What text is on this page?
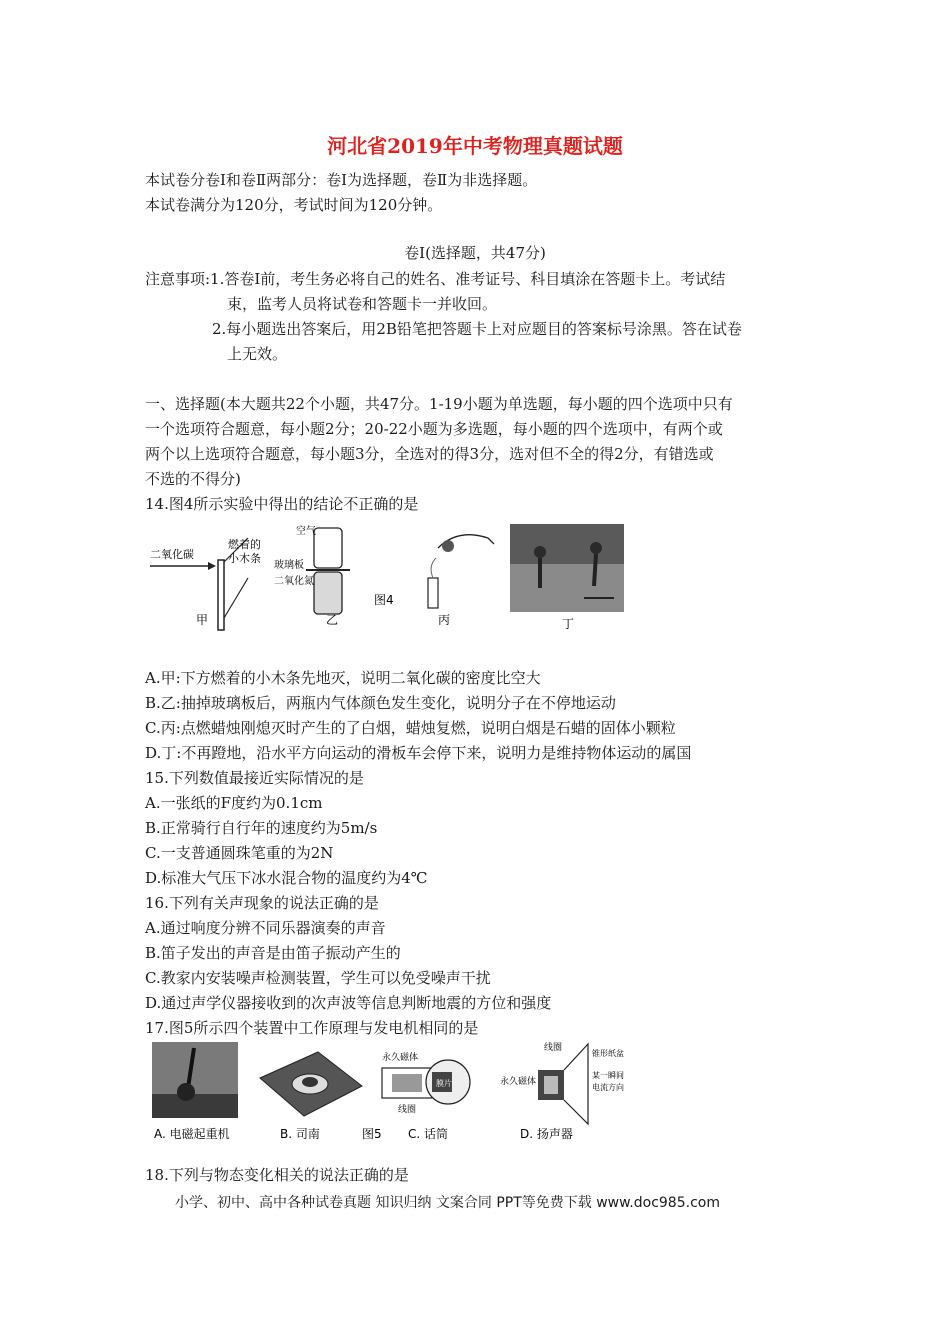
河北省2019年中考物理真题试题
本试卷分卷Ⅰ和卷Ⅱ两部分：卷Ⅰ为选择题，卷Ⅱ为非选择题。
本试卷满分为120分，考试时间为120分钟。
卷Ⅰ(选择题，共47分)
注意事项:1.答卷Ⅰ前，考生务必将自己的姓名、准考证号、科目填涂在答题卡上。考试结
束，监考人员将试卷和答题卡一并收回。
2.每小题选出答案后，用2B铅笔把答题卡上对应题目的答案标号涂黑。答在试卷
上无效。
一、选择题(本大题共22个小题，共47分。1-19小题为单选题，每小题的四个选项中只有
一个选项符合题意，每小题2分；20-22小题为多选题，每小题的四个选项中，有两个或
两个以上选项符合题意，每小题3分，全选对的得3分，选对但不全的得2分，有错选或
不选的不得分)
14.图4所示实验中得出的结论不正确的是
二氧化碳
燃着的
小木条
甲
空气
玻璃板
二氧化氮
乙
图4
丙	丁
A.甲:下方燃着的小木条先地灭，说明二氧化碳的密度比空大
B.乙:抽掉玻璃板后，两瓶内气体颜色发生变化，说明分子在不停地运动
C.丙:点燃蜡烛刚熄灭时产生的了白烟，蜡烛复燃，说明白烟是石蜡的固体小颗粒
D.丁:不再蹬地，沿水平方向运动的滑板车会停下来，说明力是维持物体运动的属国
15.下列数值最接近实际情况的是
A.一张纸的F度约为0.1cm
B.正常骑行自行年的速度约为5m/s
C.一支普通圆珠笔重的为2N
D.标准大气压下冰水混合物的温度约为4℃
16.下列有关声现象的说法正确的是
A.通过响度分辨不同乐器演奏的声音
B.笛子发出的声音是由笛子振动产生的
C.教家内安装噪声检测装置，学生可以免受噪声干扰
D.通过声学仪器接收到的次声波等信息判断地震的方位和强度
17.图5所示四个装置中工作原理与发电机相同的是
A. 电磁起重机	B. 司南
永久磁体
膜片
线圈
图5 C. 话筒
线圈
锥形纸盆
永久磁体
某一瞬间
电流方向
D. 扬声器
18.下列与物态变化相关的说法正确的是
小学、初中、高中各种试卷真题 知识归纳 文案合同 PPT等免费下载 www.doc985.com
